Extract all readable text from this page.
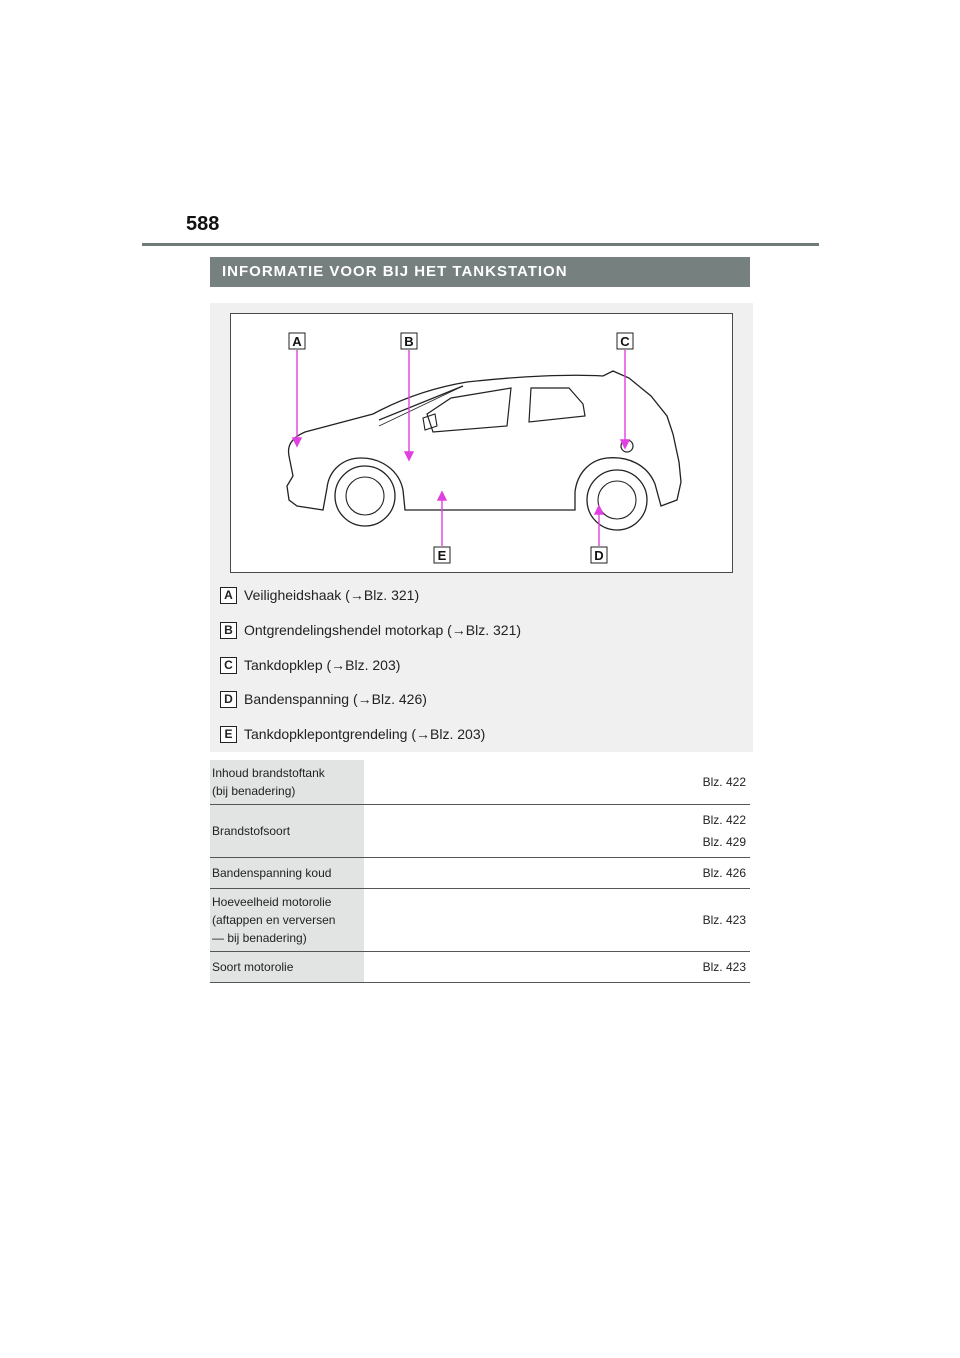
588
INFORMATIE VOOR BIJ HET TANKSTATION
A	B	C
E	D
A Veiligheidshaak ( → Blz. 321)
B Ontgrendelingshendel motorkap ( → Blz. 321)
C Tankdopklep ( → Blz. 203)
D Bandenspanning ( → Blz. 426)
E Tankdopklepontgrendeling ( → Blz. 203)
Inhoud brandstoftank
(bij benadering)	Blz. 422

Brandstofsoort	Blz. 422
Blz. 429

Bandenspanning koud	Blz. 426

Hoeveelheid motorolie
(aftappen en verversen
— bij benadering)	Blz. 423

Soort motorolie	Blz. 423
